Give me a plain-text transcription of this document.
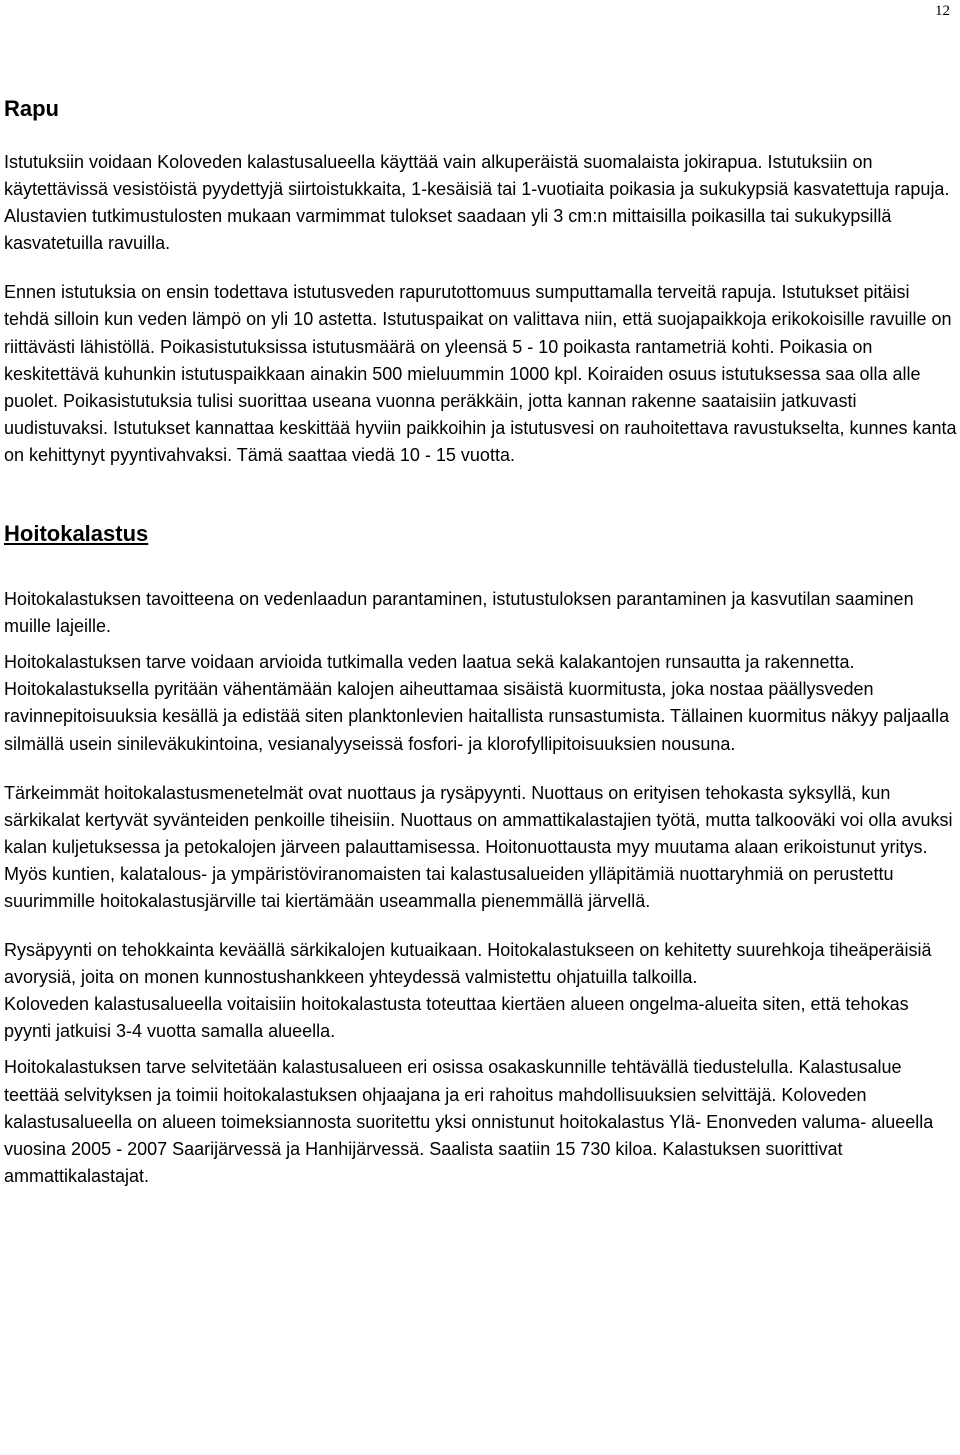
12
Rapu

Istutuksiin voidaan Koloveden kalastusalueella käyttää vain alkuperäistä suomalaista jokirapua. Istutuksiin on käytettävissä vesistöistä pyydettyjä siirtoistukkaita, 1-kesäisiä tai 1-vuotiaita poikasia ja sukukypsiä kasvatettuja rapuja. Alustavien tutkimustulosten mukaan varmimmat tulokset saadaan yli 3 cm:n mittaisilla poikasilla tai sukukypsillä kasvatetuilla ravuilla.

Ennen istutuksia on ensin todettava istutusveden rapurutottomuus sumputtamalla terveitä rapuja. Istutukset pitäisi tehdä silloin kun veden lämpö on yli 10 astetta. Istutuspaikat on valittava niin, että suojapaikkoja erikokoisille ravuille on riittävästi lähistöllä. Poikasistutuksissa istutusmäärä on yleensä 5 - 10 poikasta rantametriä kohti. Poikasia on keskitettävä kuhunkin istutuspaikkaan ainakin 500 mieluummin 1000 kpl. Koiraiden osuus istutuksessa saa olla alle puolet. Poikasistutuksia tulisi suorittaa useana vuonna peräkkäin, jotta kannan rakenne saataisiin jatkuvasti uudistuvaksi. Istutukset kannattaa keskittää hyviin paikkoihin ja istutusvesi on rauhoitettava ravustukselta, kunnes kanta on kehittynyt pyyntivahvaksi. Tämä saattaa viedä 10 - 15 vuotta.

Hoitokalastus

Hoitokalastuksen tavoitteena on vedenlaadun parantaminen, istutustuloksen parantaminen ja kasvutilan saaminen muille lajeille.

Hoitokalastuksen tarve voidaan arvioida tutkimalla veden laatua sekä kalakantojen runsautta ja rakennetta. Hoitokalastuksella pyritään vähentämään kalojen aiheuttamaa sisäistä kuormitusta, joka nostaa päällysveden ravinnepitoisuuksia kesällä ja edistää siten planktonlevien haitallista runsastumista. Tällainen kuormitus näkyy paljaalla silmällä usein sinileväkukintoina, vesianalyyseissä fosfori- ja klorofyllipitoisuuksien nousuna.

Tärkeimmät hoitokalastusmenetelmät ovat nuottaus ja rysäpyynti. Nuottaus on erityisen tehokasta syksyllä, kun särkikalat kertyvät syvänteiden penkoille tiheisiin. Nuottaus on ammattikalastajien työtä, mutta talkooväki voi olla avuksi kalan kuljetuksessa ja petokalojen järveen palauttamisessa. Hoitonuottausta myy muutama alaan erikoistunut yritys. Myös kuntien, kalatalous- ja ympäristöviranomaisten tai kalastusalueiden ylläpitämiä nuottaryhmiä on perustettu suurimmille hoitokalastusjärville tai kiertämään useammalla pienemmällä järvellä.

Rysäpyynti on tehokkainta keväällä särkikalojen kutuaikaan. Hoitokalastukseen on kehitetty suurehkoja tiheäperäisiä avorysiä, joita on monen kunnostushankkeen yhteydessä valmistettu ohjatuilla talkoilla.

Koloveden kalastusalueella voitaisiin hoitokalastusta toteuttaa kiertäen alueen ongelma-alueita siten, että tehokas pyynti jatkuisi 3-4 vuotta samalla alueella.

Hoitokalastuksen tarve selvitetään kalastusalueen eri osissa osakaskunnille tehtävällä tiedustelulla. Kalastusalue teettää selvityksen ja toimii hoitokalastuksen ohjaajana ja eri rahoitus mahdollisuuksien selvittäjä. Koloveden kalastusalueella on alueen toimeksiannosta suoritettu yksi onnistunut hoitokalastus Ylä- Enonveden valuma- alueella vuosina 2005 - 2007 Saarijärvessä ja Hanhijärvessä. Saalista saatiin 15 730 kiloa. Kalastuksen suorittivat ammattikalastajat.
